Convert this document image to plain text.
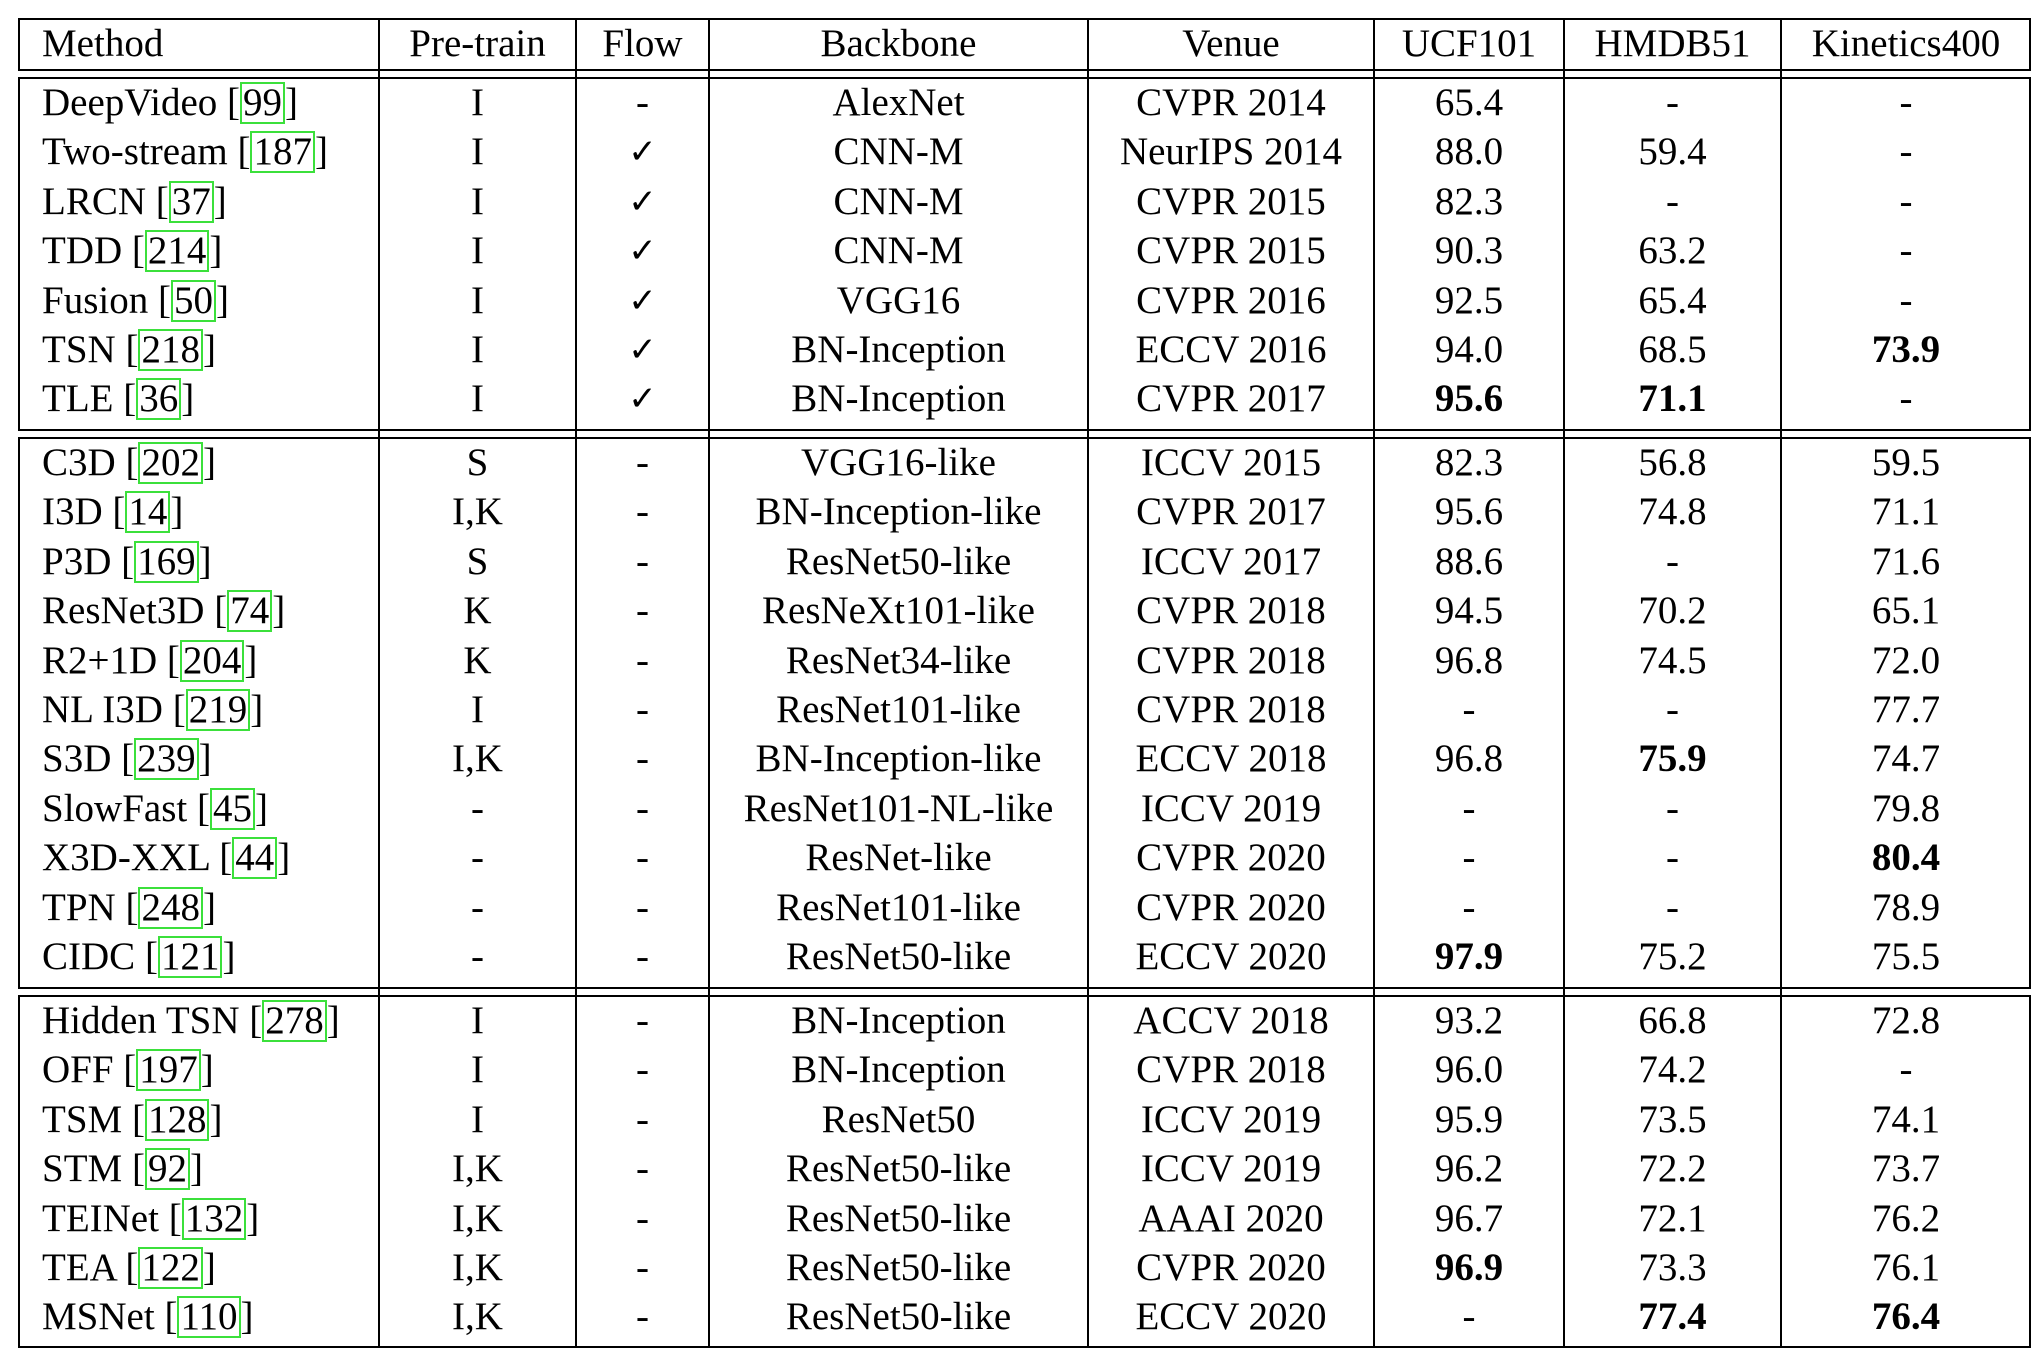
Method	Pre-train	Flow	Backbone	Venue	UCF101	HMDB51	Kinetics400
DeepVideo [99]	I	-	AlexNet	CVPR 2014	65.4	-	-
Two-stream [187]	I	✓	CNN-M	NeurIPS 2014	88.0	59.4	-
LRCN [37]	I	✓	CNN-M	CVPR 2015	82.3	-	-
TDD [214]	I	✓	CNN-M	CVPR 2015	90.3	63.2	-
Fusion [50]	I	✓	VGG16	CVPR 2016	92.5	65.4	-
TSN [218]	I	✓	BN-Inception	ECCV 2016	94.0	68.5	73.9
TLE [36]	I	✓	BN-Inception	CVPR 2017	95.6	71.1	-
C3D [202]	S	-	VGG16-like	ICCV 2015	82.3	56.8	59.5
I3D [14]	I,K	-	BN-Inception-like	CVPR 2017	95.6	74.8	71.1
P3D [169]	S	-	ResNet50-like	ICCV 2017	88.6	-	71.6
ResNet3D [74]	K	-	ResNeXt101-like	CVPR 2018	94.5	70.2	65.1
R2+1D [204]	K	-	ResNet34-like	CVPR 2018	96.8	74.5	72.0
NL I3D [219]	I	-	ResNet101-like	CVPR 2018	-	-	77.7
S3D [239]	I,K	-	BN-Inception-like	ECCV 2018	96.8	75.9	74.7
SlowFast [45]	-	-	ResNet101-NL-like	ICCV 2019	-	-	79.8
X3D-XXL [44]	-	-	ResNet-like	CVPR 2020	-	-	80.4
TPN [248]	-	-	ResNet101-like	CVPR 2020	-	-	78.9
CIDC [121]	-	-	ResNet50-like	ECCV 2020	97.9	75.2	75.5
Hidden TSN [278]	I	-	BN-Inception	ACCV 2018	93.2	66.8	72.8
OFF [197]	I	-	BN-Inception	CVPR 2018	96.0	74.2	-
TSM [128]	I	-	ResNet50	ICCV 2019	95.9	73.5	74.1
STM [92]	I,K	-	ResNet50-like	ICCV 2019	96.2	72.2	73.7
TEINet [132]	I,K	-	ResNet50-like	AAAI 2020	96.7	72.1	76.2
TEA [122]	I,K	-	ResNet50-like	CVPR 2020	96.9	73.3	76.1
MSNet [110]	I,K	-	ResNet50-like	ECCV 2020	-	77.4	76.4
